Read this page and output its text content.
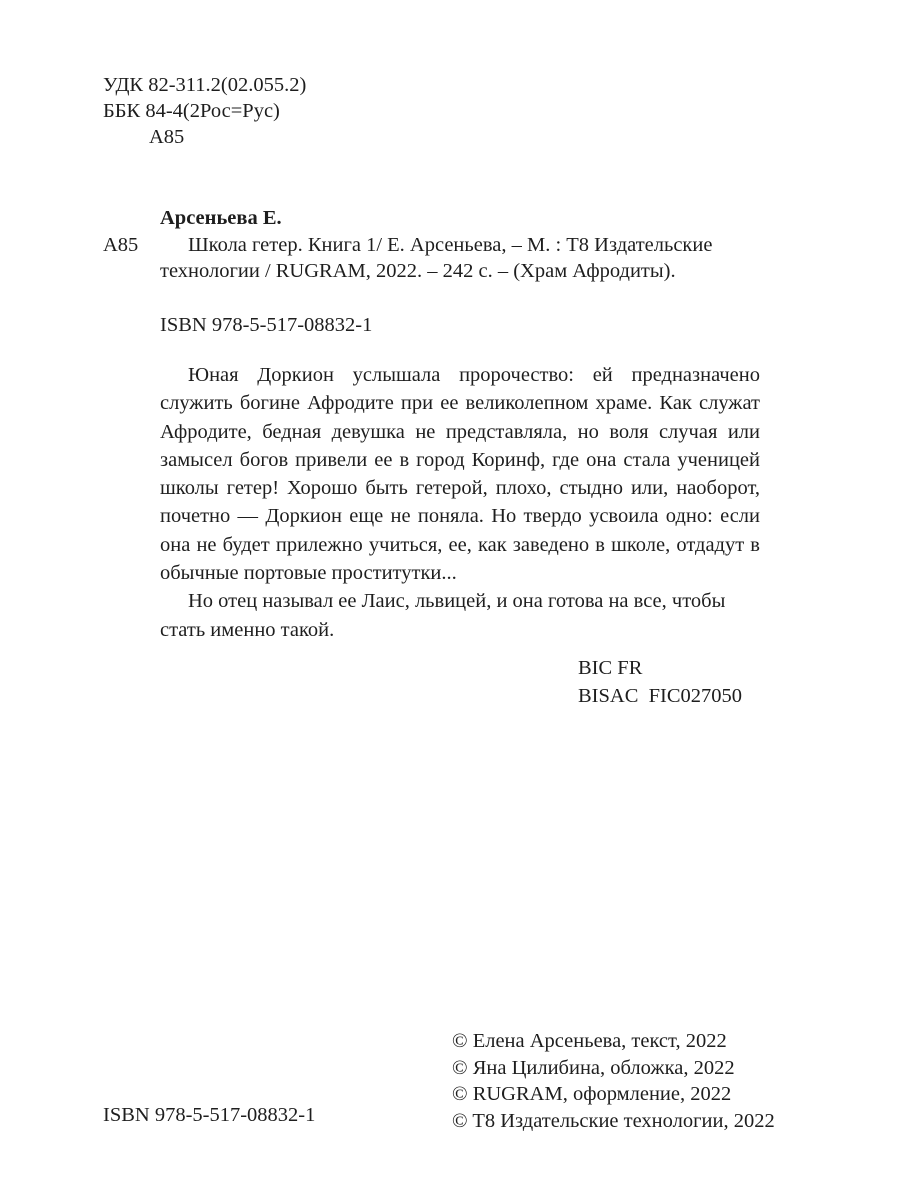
УДК 82-311.2(02.055.2)
ББК 84-4(2Рос=Рус)
А85
Арсеньева Е.
А85 Школа гетер. Книга 1/ Е. Арсеньева, – М. : T8 Издательские
технологии / RUGRAM, 2022. – 242 с. – (Храм Афродиты).
ISBN 978-5-517-08832-1

Юная Доркион услышала пророчество: ей предназначено служить богине Афродите при ее великолепном храме. Как служат Афродите, бедная девушка не представляла, но воля случая или замысел богов привели ее в город Коринф, где она стала ученицей школы гетер! Хорошо быть гетерой, плохо, стыдно или, наоборот, почетно — Доркион еще не поняла. Но твердо усвоила одно: если она не будет прилежно учиться, ее, как заведено в школе, отдадут в обычные портовые проститутки...

Но отец называл ее Лаис, львицей, и она готова на все, чтобы стать именно такой.

BIC FR
BISAC  FIC027050
© Елена Арсеньева, текст, 2022
© Яна Цилибина, обложка, 2022
© RUGRAM, оформление, 2022
© T8 Издательские технологии, 2022
ISBN 978-5-517-08832-1
